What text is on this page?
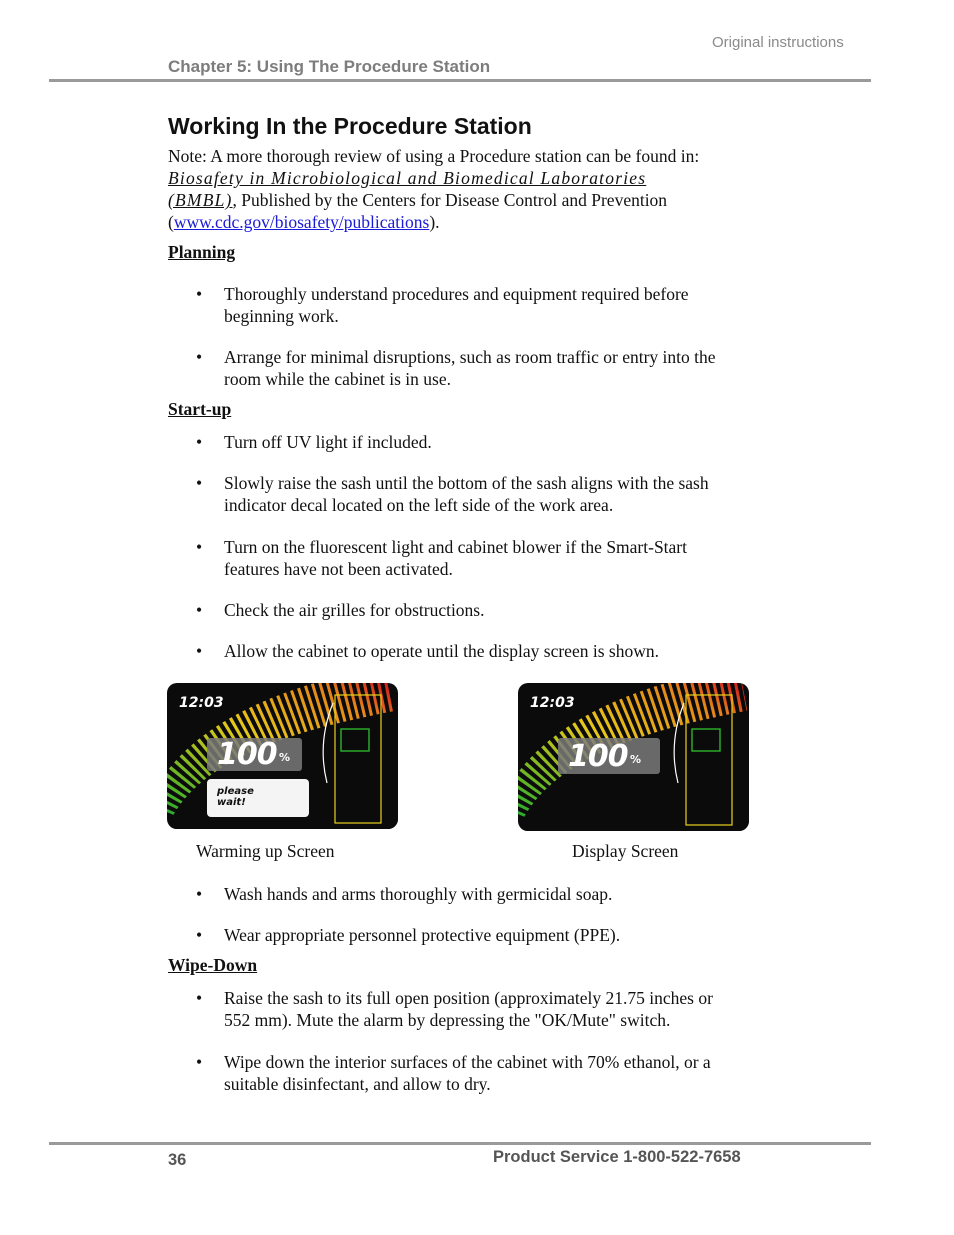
Original instructions
Chapter 5: Using The Procedure Station
Working In the Procedure Station
Note: A more thorough review of using a Procedure station can be found in:
Biosafety in Microbiological and Biomedical Laboratories
(BMBL), Published by the Centers for Disease Control and Prevention
(www.cdc.gov/biosafety/publications).
Planning
• Thoroughly understand procedures and equipment required before
beginning work.
• Arrange for minimal disruptions, such as room traffic or entry into the
room while the cabinet is in use.
Start-up
• Turn off UV light if included.
• Slowly raise the sash until the bottom of the sash aligns with the sash
indicator decal located on the left side of the work area.
• Turn on the fluorescent light and cabinet blower if the Smart-Start
features have not been activated.
• Check the air grilles for obstructions.
• Allow the cabinet to operate until the display screen is shown.
12:03
100 %
please
wait!
12:03
100 %
Warming up Screen	Display Screen
• Wash hands and arms thoroughly with germicidal soap.
• Wear appropriate personnel protective equipment (PPE).
Wipe-Down
• Raise the sash to its full open position (approximately 21.75 inches or
552 mm). Mute the alarm by depressing the "OK/Mute" switch.
• Wipe down the interior surfaces of the cabinet with 70% ethanol, or a
suitable disinfectant, and allow to dry.
36	Product Service 1-800-522-7658
